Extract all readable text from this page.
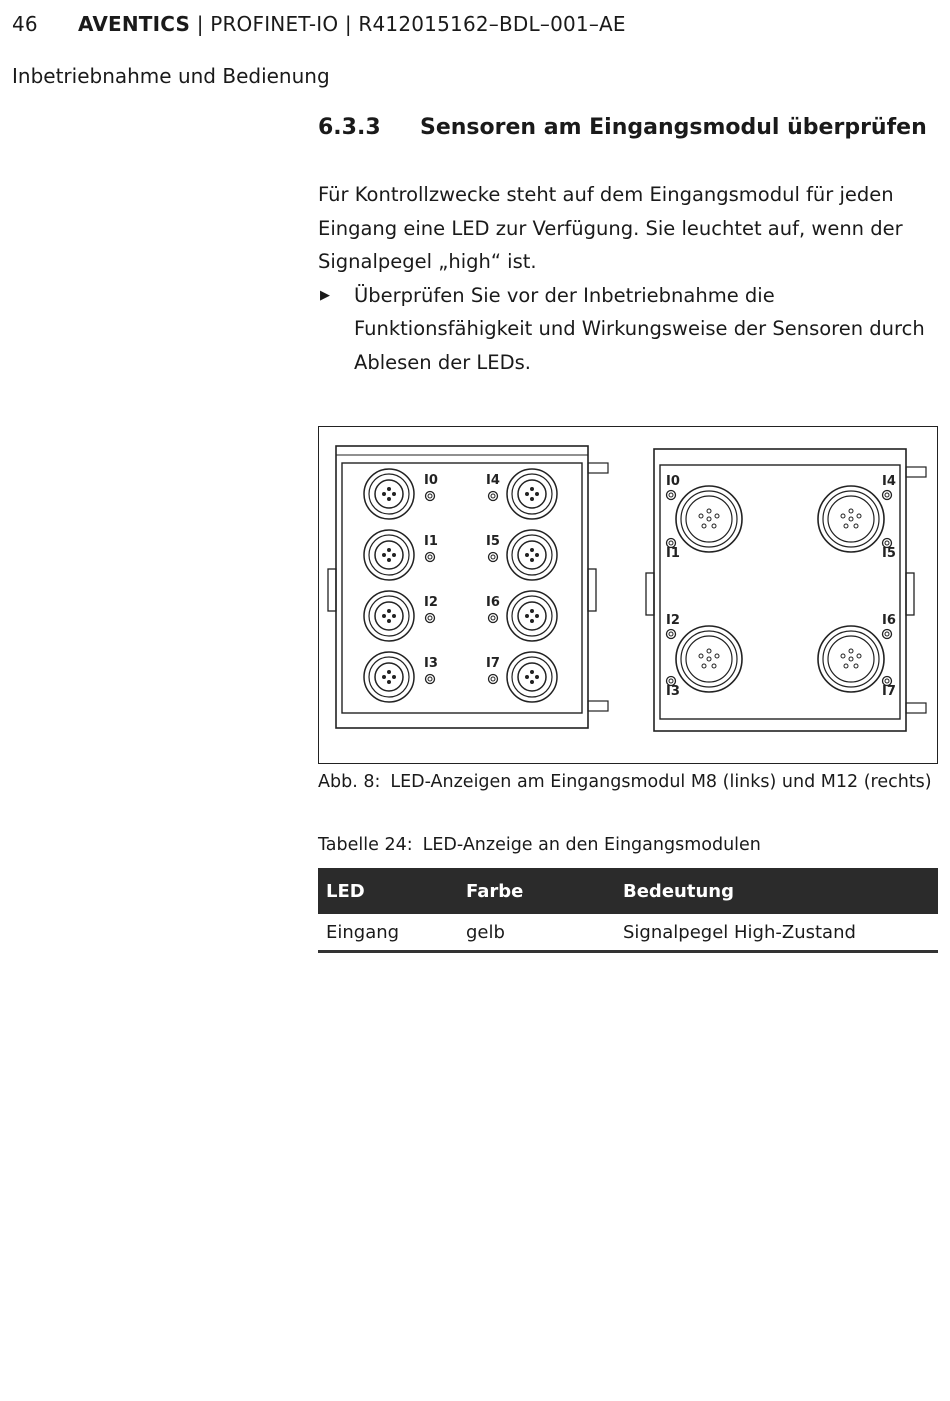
46 AVENTICS | PROFINET-IO | R412015162–BDL–001–AE
Inbetriebnahme und Bedienung
6.3.3 Sensoren am Eingangsmodul überprüfen

Für Kontrollzwecke steht auf dem Eingangsmodul für jeden Eingang eine LED zur Verfügung. Sie leuchtet auf, wenn der Signalpegel „high“ ist.

▶ Überprüfen Sie vor der Inbetriebnahme die Funktionsfähigkeit und Wirkungsweise der Sensoren durch Ablesen der LEDs.

I0	I4
I1	I5
I2	I6
I3	I7
I0
I1
I4
I5
I2
I3
I6
I7
Abb. 8: LED-Anzeigen am Eingangsmodul M8 (links) und M12 (rechts)
Tabelle 24: LED-Anzeige an den Eingangsmodulen
LED	Farbe	Bedeutung
Eingang	gelb	Signalpegel High-Zustand
